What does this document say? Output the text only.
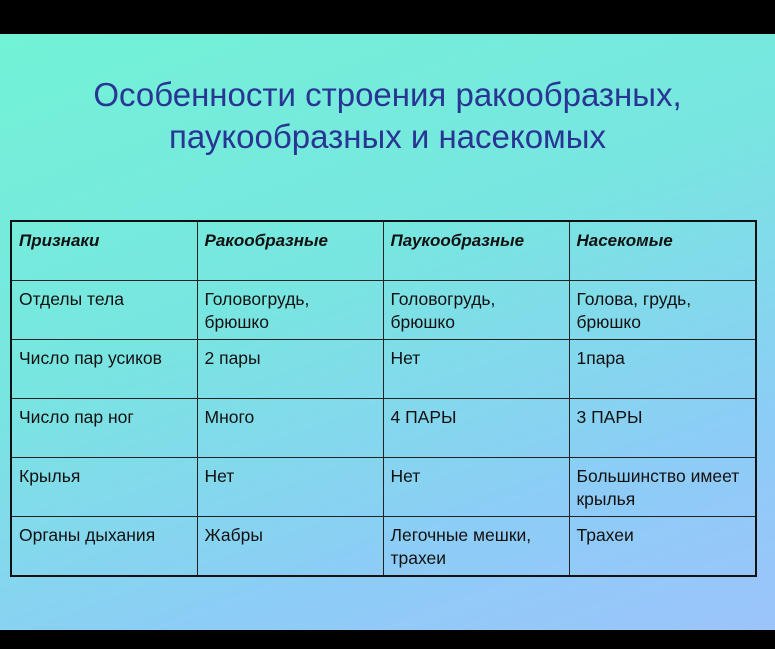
Особенности строения ракообразных,
паукообразных и насекомых
Признаки	Ракообразные	Паукообразные	Насекомые
Отделы тела	Головогрудь, брюшко	Головогрудь, брюшко	Голова, грудь, брюшко
Число пар усиков	2 пары	Нет	1пара
Число пар ног	Много	4 ПАРЫ	3 ПАРЫ
Крылья	Нет	Нет	Большинство имеет крылья
Органы дыхания	Жабры	Легочные мешки, трахеи	Трахеи
